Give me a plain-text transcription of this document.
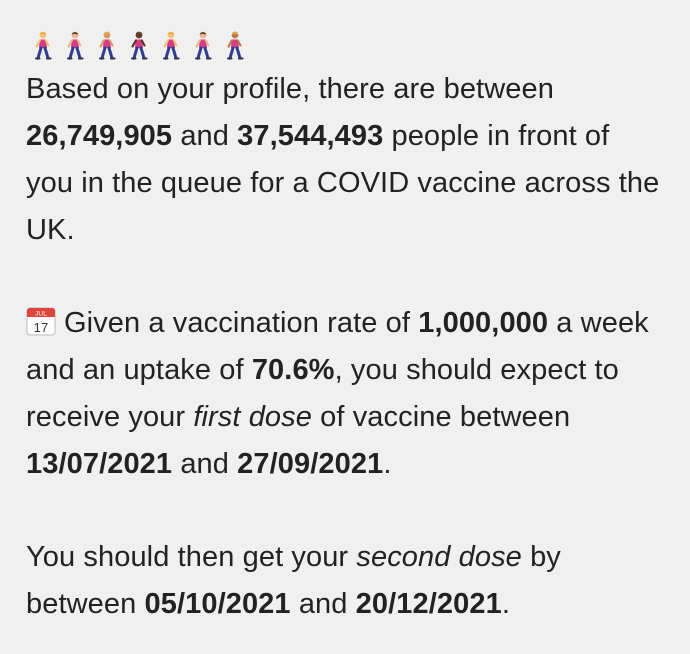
Based on your profile, there are between 26,749,905 and 37,544,493 people in front of you in the queue for a COVID vaccine across the UK.

JUL
17 Given a vaccination rate of 1,000,000 a week and an uptake of 70.6%, you should expect to receive your first dose of vaccine between 13/07/2021 and 27/09/2021.

You should then get your second dose by between 05/10/2021 and 20/12/2021.
